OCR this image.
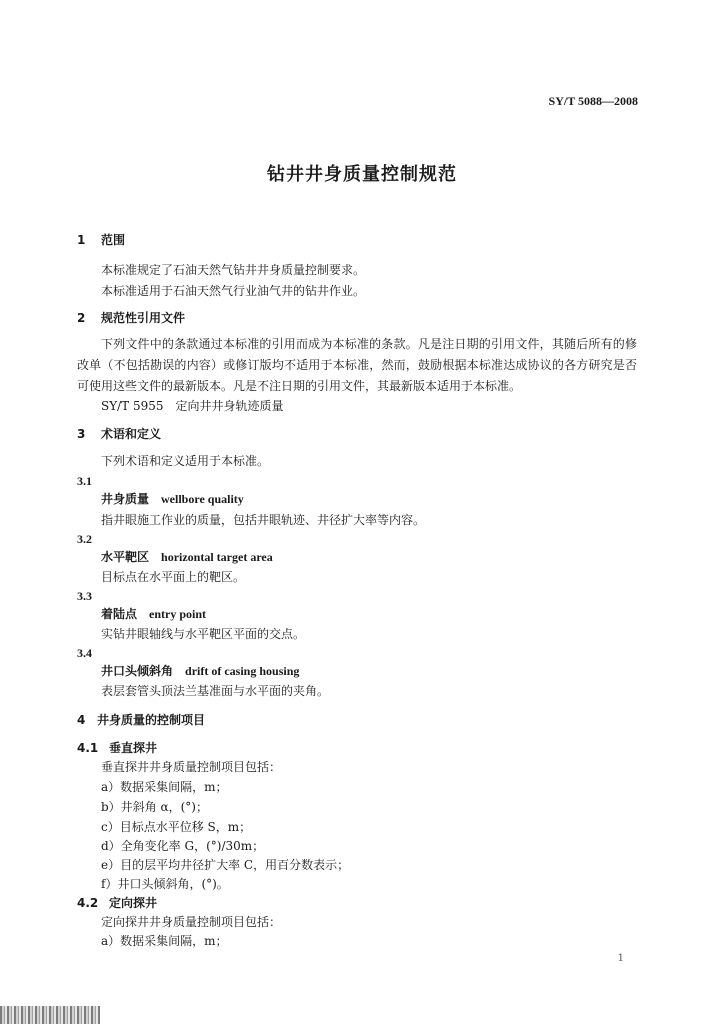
SY/T 5088—2008
钻井井身质量控制规范
1 范围
本标准规定了石油天然气钻井井身质量控制要求。
本标准适用于石油天然气行业油气井的钻井作业。
2 规范性引用文件
下列文件中的条款通过本标准的引用而成为本标准的条款。凡是注日期的引用文件，其随后所有的修改单（不包括勘误的内容）或修订版均不适用于本标准，然而，鼓励根据本标准达成协议的各方研究是否可使用这些文件的最新版本。凡是不注日期的引用文件，其最新版本适用于本标准。
SY/T 5955　定向井井身轨迹质量
3 术语和定义
下列术语和定义适用于本标准。
3.1
井身质量 wellbore quality
指井眼施工作业的质量，包括井眼轨迹、井径扩大率等内容。
3.2
水平靶区 horizontal target area
目标点在水平面上的靶区。
3.3
着陆点 entry point
实钻井眼轴线与水平靶区平面的交点。
3.4
井口头倾斜角 drift of casing housing
表层套管头顶法兰基准面与水平面的夹角。
4 井身质量的控制项目
4.1 垂直探井
垂直探井井身质量控制项目包括：
a）数据采集间隔，m；
b）井斜角 α，(°)；
c）目标点水平位移 S，m；
d）全角变化率 G，(°)/30m；
e）目的层平均井径扩大率 C，用百分数表示；
f）井口头倾斜角，(°)。
4.2 定向探井
定向探井井身质量控制项目包括：
a）数据采集间隔，m；
1
